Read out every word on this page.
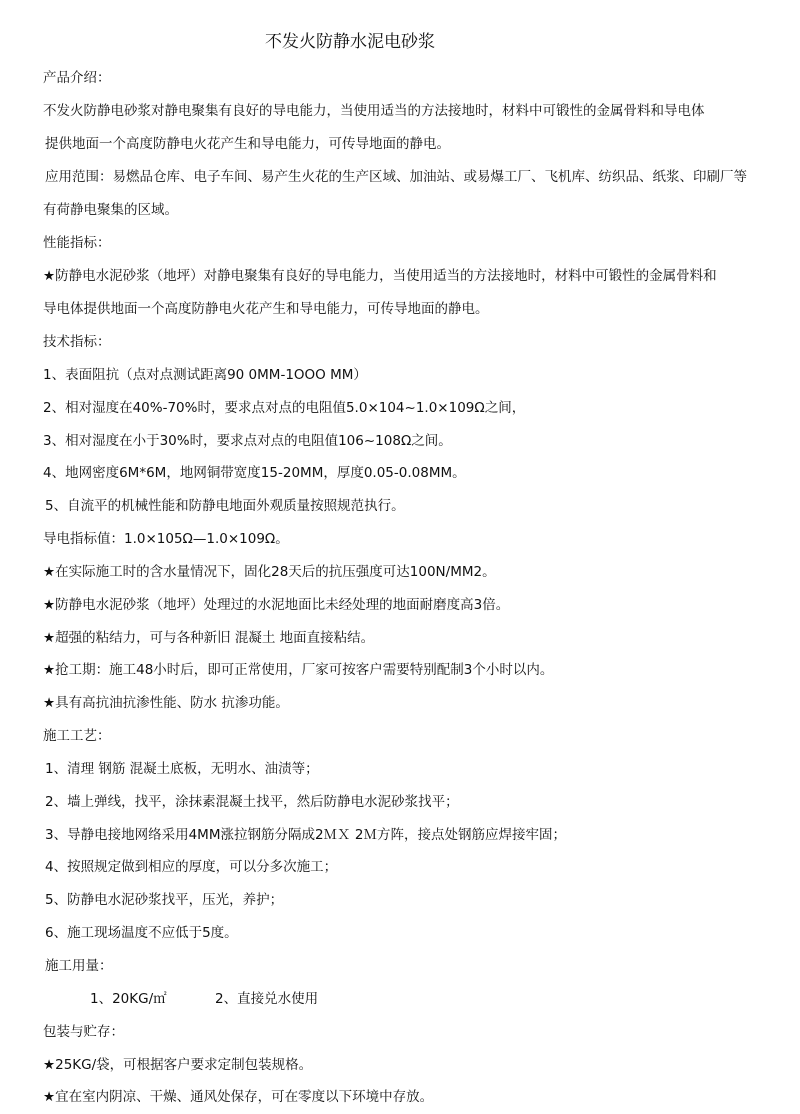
不发火防静水泥电砂浆
产品介绍：
不发火防静电砂浆对静电聚集有良好的导电能力，当使用适当的方法接地时，材料中可锻性的金属骨料和导电体
提供地面一个高度防静电火花产生和导电能力，可传导地面的静电。
应用范围：易燃品仓库、电子车间、易产生火花的生产区域、加油站、或易爆工厂、飞机库、纺织品、纸浆、印刷厂等
有荷静电聚集的区域。
性能指标：
★防静电水泥砂浆（地坪）对静电聚集有良好的导电能力，当使用适当的方法接地时，材料中可锻性的金属骨料和
导电体提供地面一个高度防静电火花产生和导电能力，可传导地面的静电。
技术指标：
1、表面阻抗（点对点测试距离90 0MM-1OOO MM）
2、相对湿度在40%-70%时，要求点对点的电阻值5.0×104~1.0×109Ω之间，
3、相对湿度在小于30%时，要求点对点的电阻值106~108Ω之间。
4、地网密度6M*6M，地网铜带宽度15-20MM，厚度0.05-0.08MM。
5、自流平的机械性能和防静电地面外观质量按照规范执行。
导电指标值：1.0×105Ω—1.0×109Ω。
★在实际施工时的含水量情况下，固化28天后的抗压强度可达100N/MM2。
★防静电水泥砂浆（地坪）处理过的水泥地面比未经处理的地面耐磨度高3倍。
★超强的粘结力，可与各种新旧 混凝土 地面直接粘结。
★抢工期：施工48小时后，即可正常使用，厂家可按客户需要特别配制3个小时以内。
★具有高抗油抗渗性能、防水 抗渗功能。
施工工艺：
1、清理 钢筋 混凝土底板，无明水、油渍等；
2、墙上弹线，找平，涂抹素混凝土找平，然后防静电水泥砂浆找平；
3、导静电接地网络采用4MM涨拉钢筋分隔成2ＭＸ 2Ｍ方阵，接点处钢筋应焊接牢固；
4、按照规定做到相应的厚度，可以分多次施工；
5、防静电水泥砂浆找平，压光，养护；
6、施工现场温度不应低于5度。
施工用量：
1、20KG/㎡	2、直接兑水使用
包装与贮存：
★25KG/袋，可根据客户要求定制包装规格。
★宜在室内阴凉、干燥、通风处保存，可在零度以下环境中存放。
